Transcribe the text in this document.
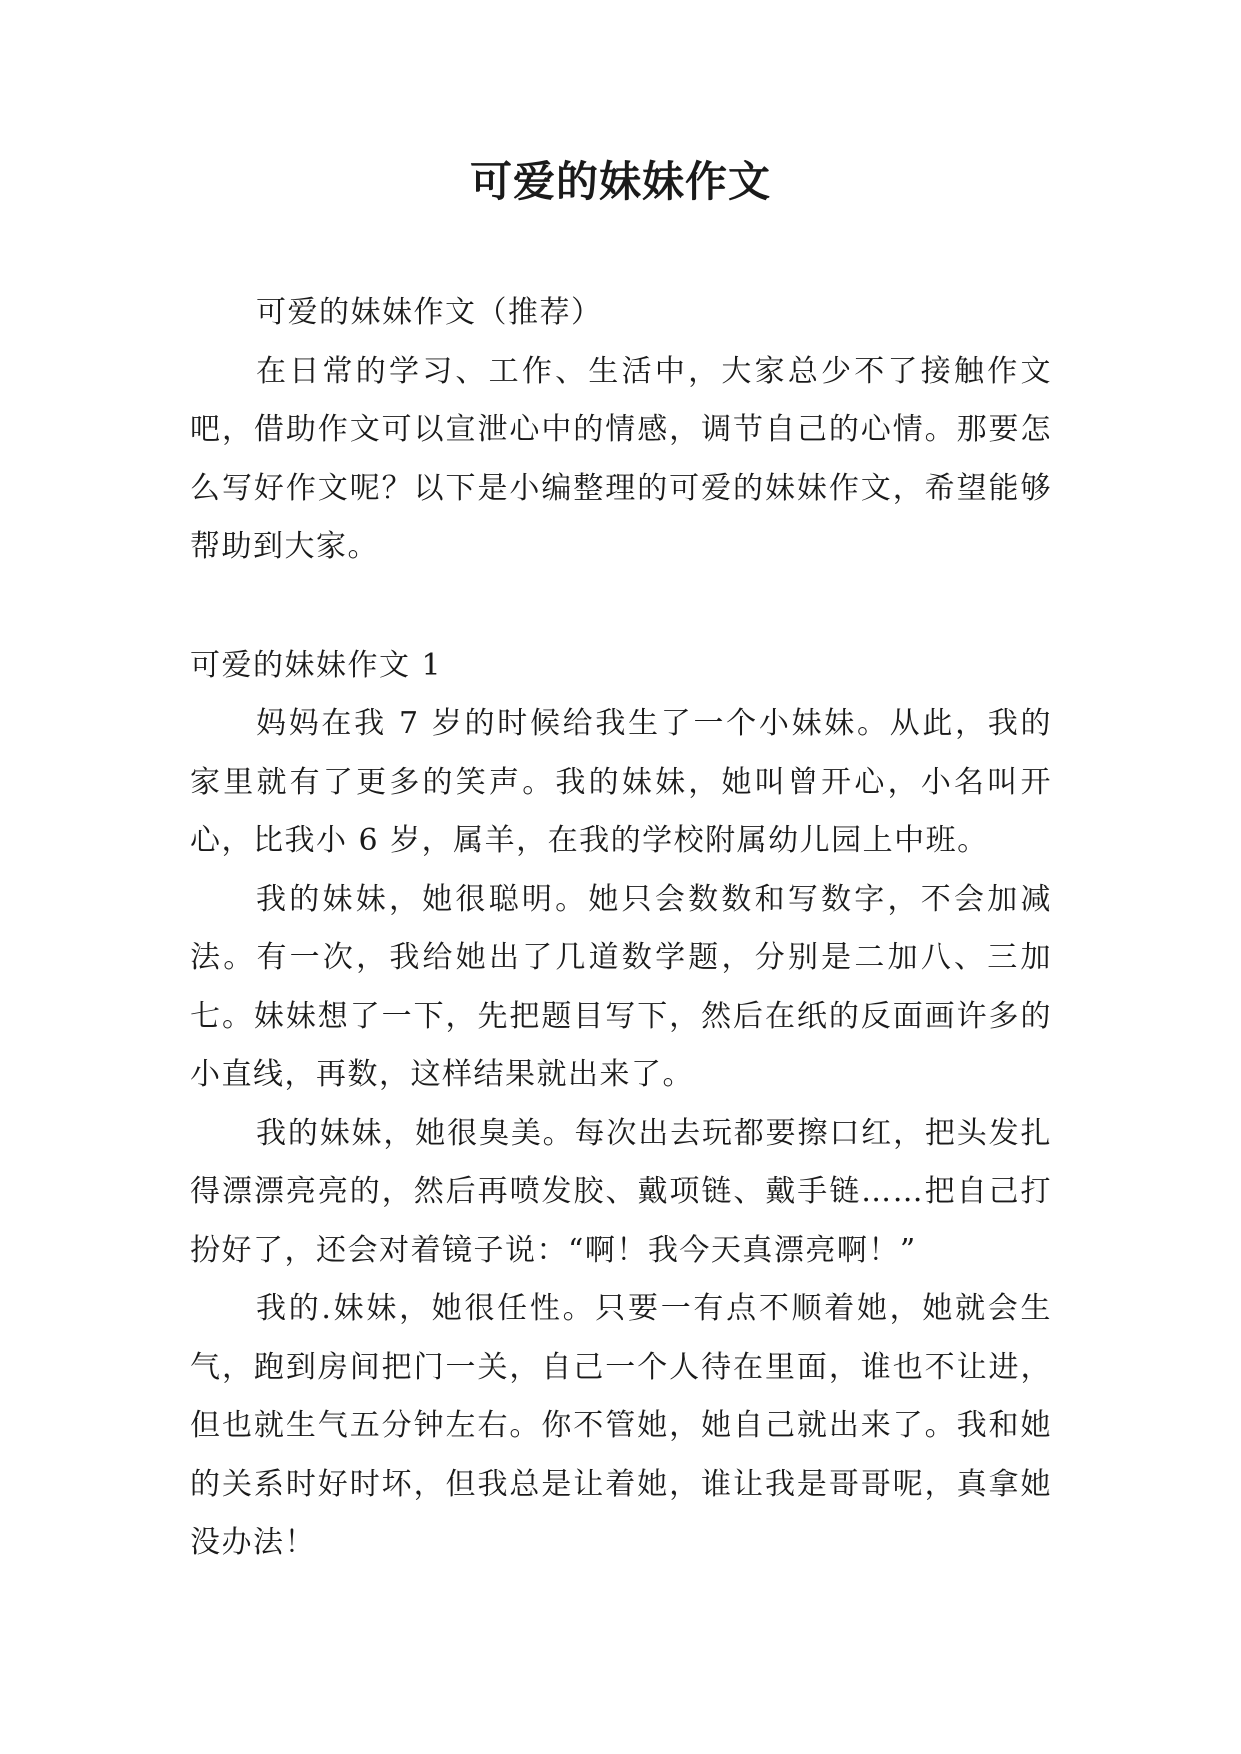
可爱的妹妹作文

可爱的妹妹作文（推荐）

在日常的学习、工作、生活中，大家总少不了接触作文吧，借助作文可以宣泄心中的情感，调节自己的心情。那要怎么写好作文呢？以下是小编整理的可爱的妹妹作文，希望能够帮助到大家。

可爱的妹妹作文 1

妈妈在我 7 岁的时候给我生了一个小妹妹。从此，我的家里就有了更多的笑声。我的妹妹，她叫曾开心，小名叫开心，比我小 6 岁，属羊，在我的学校附属幼儿园上中班。

我的妹妹，她很聪明。她只会数数和写数字，不会加减法。有一次，我给她出了几道数学题，分别是二加八、三加七。妹妹想了一下，先把题目写下，然后在纸的反面画许多的小直线，再数，这样结果就出来了。

我的妹妹，她很臭美。每次出去玩都要擦口红，把头发扎得漂漂亮亮的，然后再喷发胶、戴项链、戴手链……把自己打扮好了，还会对着镜子说：“啊！我今天真漂亮啊！”

我的.妹妹，她很任性。只要一有点不顺着她，她就会生气，跑到房间把门一关，自己一个人待在里面，谁也不让进，但也就生气五分钟左右。你不管她，她自己就出来了。我和她的关系时好时坏，但我总是让着她，谁让我是哥哥呢，真拿她没办法！
